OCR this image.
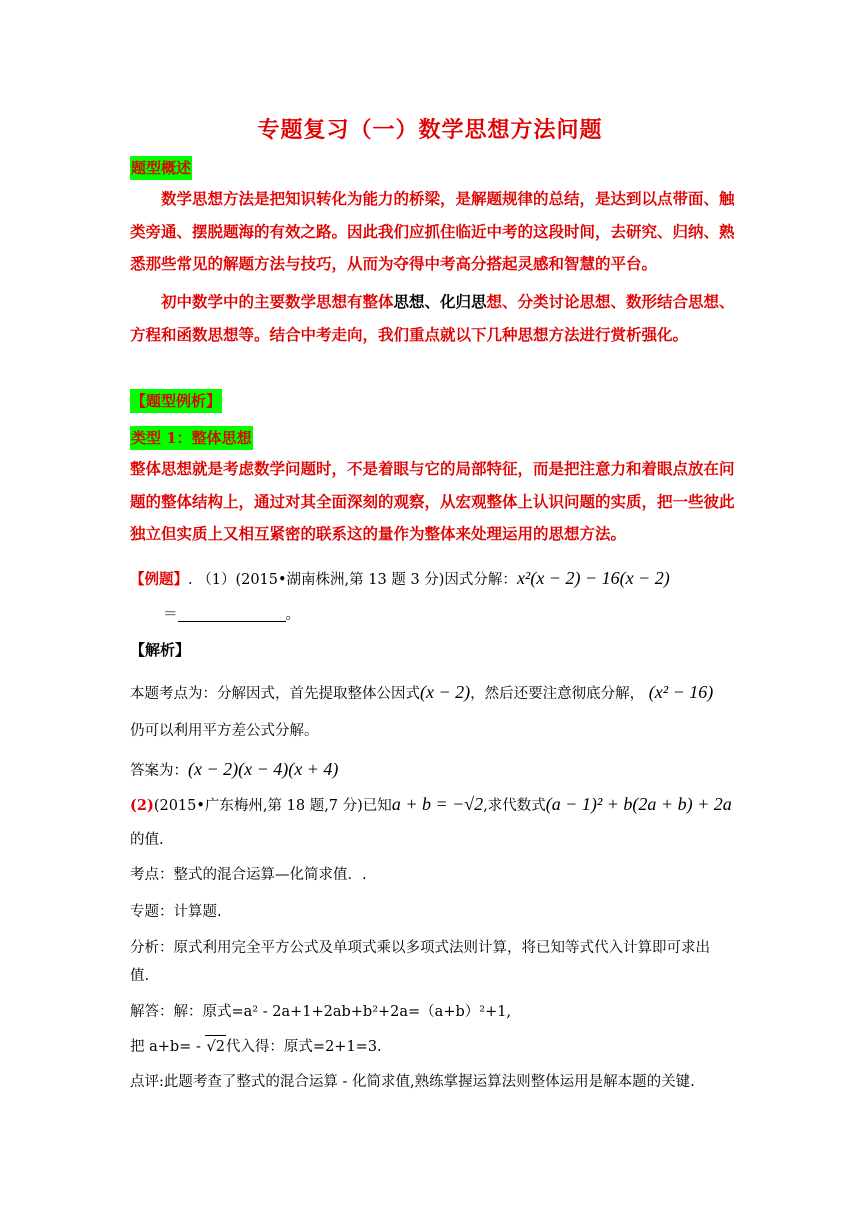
专题复习（一）数学思想方法问题
题型概述
数学思想方法是把知识转化为能力的桥梁，是解题规律的总结，是达到以点带面、触类旁通、摆脱题海的有效之路。因此我们应抓住临近中考的这段时间，去研究、归纳、熟悉那些常见的解题方法与技巧，从而为夺得中考高分搭起灵感和智慧的平台。
初中数学中的主要数学思想有整体思想、化归思想、分类讨论思想、数形结合思想、方程和函数思想等。结合中考走向，我们重点就以下几种思想方法进行赏析强化。
【题型例析】
类型 1：整体思想
整体思想就是考虑数学问题时，不是着眼与它的局部特征，而是把注意力和着眼点放在问题的整体结构上，通过对其全面深刻的观察，从宏观整体上认识问题的实质，把一些彼此独立但实质上又相互紧密的联系这的量作为整体来处理运用的思想方法。
【例题】. （1）(2015•湖南株洲,第 13 题 3 分)因式分解：x²(x − 2) − 16(x − 2)
＝	。
【解析】
本题考点为：分解因式，首先提取整体公因式(x − 2)，然后还要注意彻底分解， (x² − 16)
仍可以利用平方差公式分解。
答案为：(x − 2)(x − 4)(x + 4)
(2)(2015•广东梅州,第 18 题,7 分)已知a + b = −√2,求代数式(a − 1)² + b(2a + b) + 2a
的值.
考点：整式的混合运算—化简求值．.
专题：计算题.
分析：原式利用完全平方公式及单项式乘以多项式法则计算，将已知等式代入计算即可求出
值.
解答：解：原式=a² - 2a+1+2ab+b²+2a=（a+b）²+1,
把 a+b= - √2代入得：原式=2+1=3.
点评:此题考查了整式的混合运算 - 化简求值,熟练掌握运算法则整体运用是解本题的关键.
